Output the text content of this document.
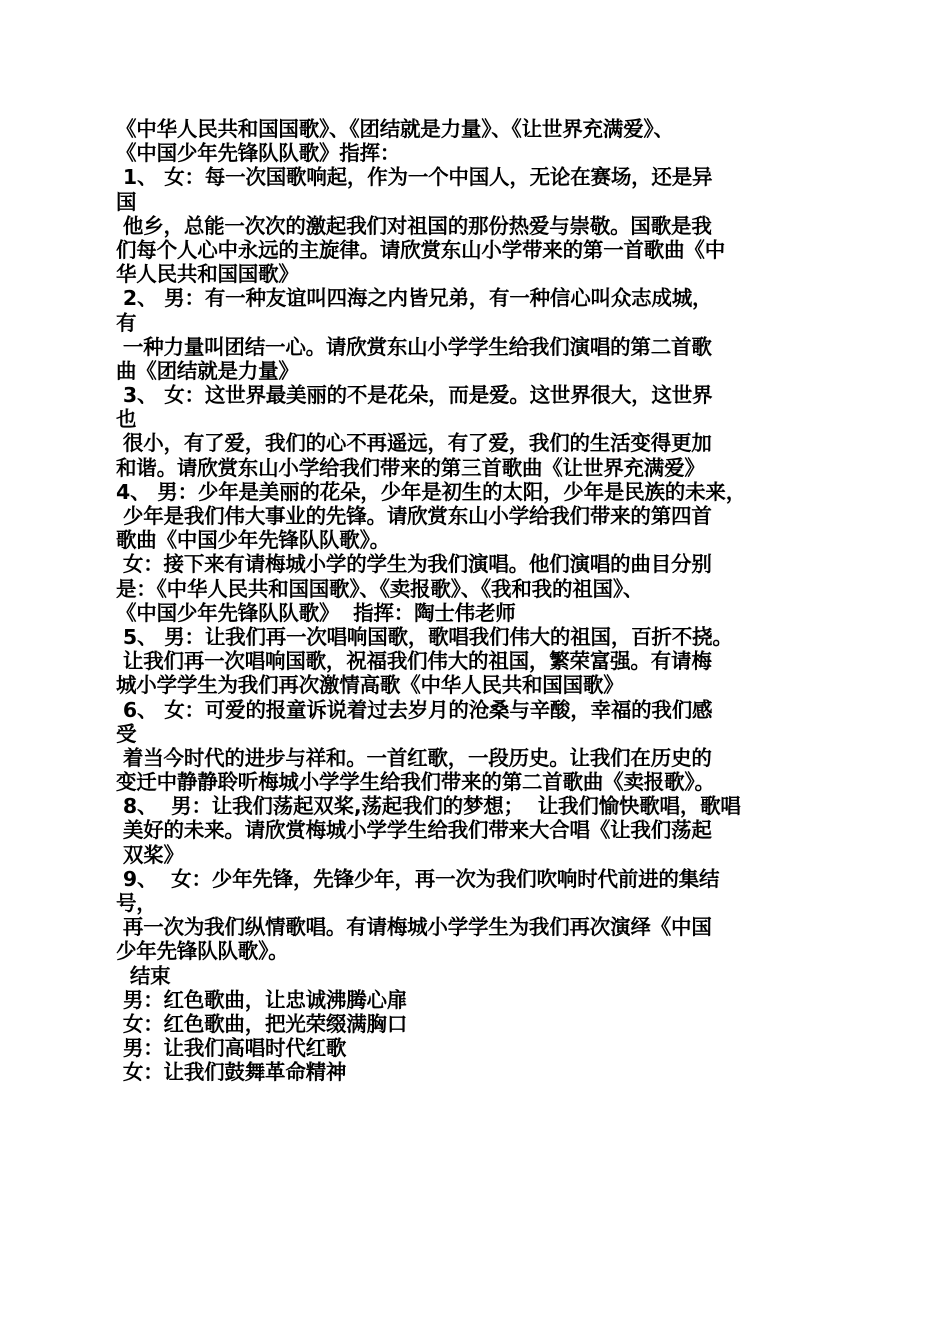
《中华人民共和国国歌》、《团结就是力量》、《让世界充满爱》、
《中国少年先锋队队歌》指挥：
1、 女：每一次国歌响起，作为一个中国人，无论在赛场，还是异
国
他乡，总能一次次的激起我们对祖国的那份热爱与崇敬。国歌是我
们每个人心中永远的主旋律。请欣赏东山小学带来的第一首歌曲《中
华人民共和国国歌》
2、 男：有一种友谊叫四海之内皆兄弟，有一种信心叫众志成城，
有
一种力量叫团结一心。请欣赏东山小学学生给我们演唱的第二首歌
曲《团结就是力量》
3、 女：这世界最美丽的不是花朵，而是爱。这世界很大，这世界
也
很小，有了爱，我们的心不再遥远，有了爱，我们的生活变得更加
和谐。请欣赏东山小学给我们带来的第三首歌曲《让世界充满爱》
4、 男：少年是美丽的花朵，少年是初生的太阳，少年是民族的未来，
少年是我们伟大事业的先锋。请欣赏东山小学给我们带来的第四首
歌曲《中国少年先锋队队歌》。
女：接下来有请梅城小学的学生为我们演唱。他们演唱的曲目分别
是：《中华人民共和国国歌》、《卖报歌》、《我和我的祖国》、
《中国少年先锋队队歌》  指挥：陶士伟老师
5、 男：让我们再一次唱响国歌，歌唱我们伟大的祖国，百折不挠。
让我们再一次唱响国歌，祝福我们伟大的祖国，繁荣富强。有请梅
城小学学生为我们再次激情高歌《中华人民共和国国歌》
6、 女：可爱的报童诉说着过去岁月的沧桑与辛酸，幸福的我们感
受
着当今时代的进步与祥和。一首红歌，一段历史。让我们在历史的
变迁中静静聆听梅城小学学生给我们带来的第二首歌曲《卖报歌》。
8、  男：让我们荡起双桨,荡起我们的梦想；  让我们愉快歌唱，歌唱
美好的未来。请欣赏梅城小学学生给我们带来大合唱《让我们荡起
双桨》
9、  女：少年先锋，先锋少年，再一次为我们吹响时代前进的集结
号，
再一次为我们纵情歌唱。有请梅城小学学生为我们再次演绎《中国
少年先锋队队歌》。
结束
男：红色歌曲，让忠诚沸腾心扉
女：红色歌曲，把光荣缀满胸口
男：让我们高唱时代红歌
女：让我们鼓舞革命精神
